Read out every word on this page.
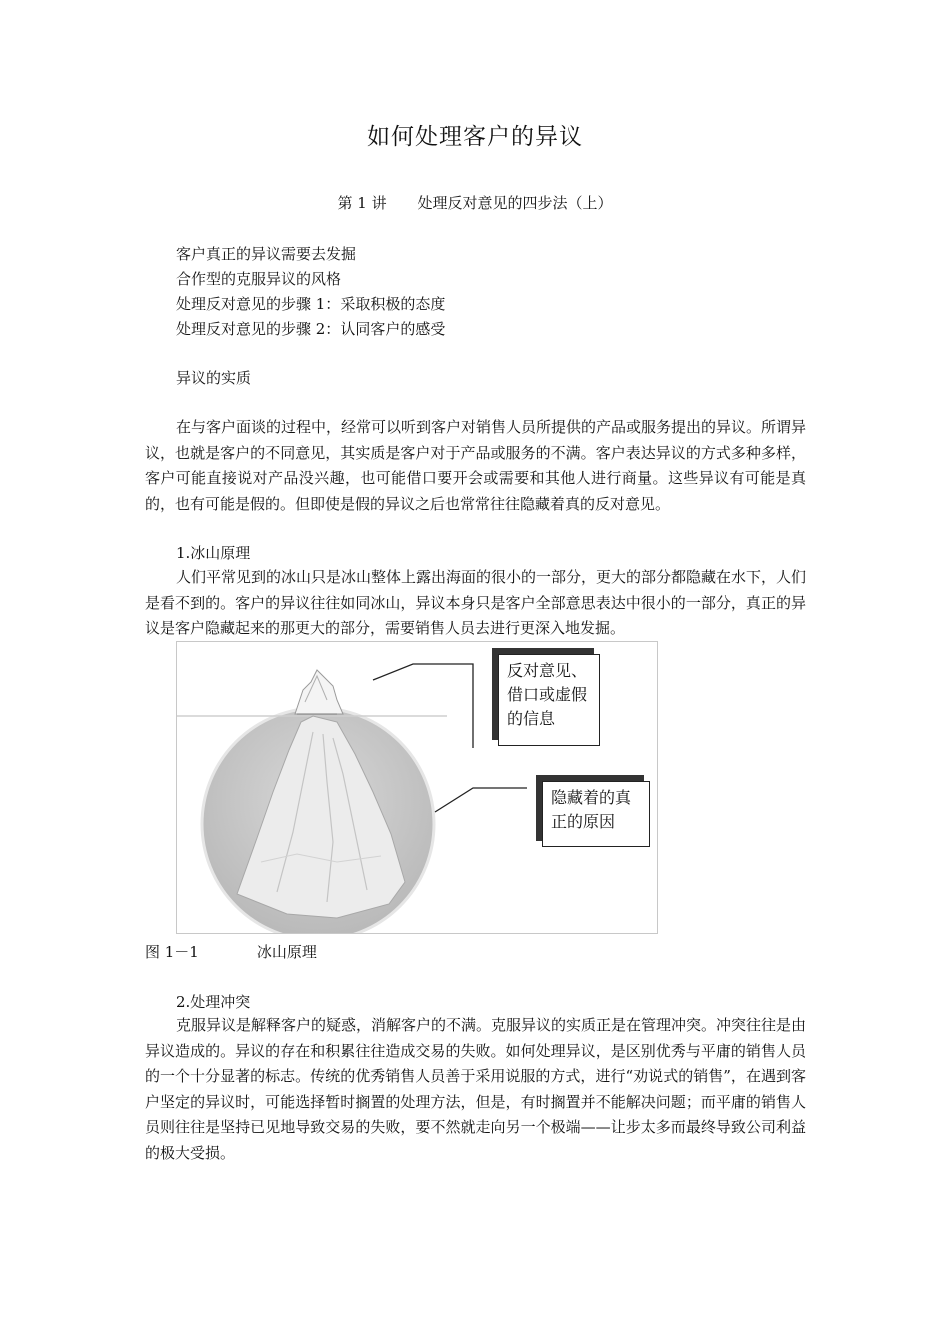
如何处理客户的异议
第 1 讲 处理反对意见的四步法（上）
客户真正的异议需要去发掘
合作型的克服异议的风格
处理反对意见的步骤 1：采取积极的态度
处理反对意见的步骤 2：认同客户的感受
异议的实质
在与客户面谈的过程中，经常可以听到客户对销售人员所提供的产品或服务提出的异议。所谓异议，也就是客户的不同意见，其实质是客户对于产品或服务的不满。客户表达异议的方式多种多样，客户可能直接说对产品没兴趣，也可能借口要开会或需要和其他人进行商量。这些异议有可能是真的，也有可能是假的。但即使是假的异议之后也常常往往隐藏着真的反对意见。
1.冰山原理
人们平常见到的冰山只是冰山整体上露出海面的很小的一部分，更大的部分都隐藏在水下，人们是看不到的。客户的异议往往如同冰山，异议本身只是客户全部意思表达中很小的一部分，真正的异议是客户隐藏起来的那更大的部分，需要销售人员去进行更深入地发掘。
反对意见、
借口或虚假
的信息
隐藏着的真
正的原因
图 1－1	冰山原理
2.处理冲突
克服异议是解释客户的疑惑，消解客户的不满。克服异议的实质正是在管理冲突。冲突往往是由异议造成的。异议的存在和积累往往造成交易的失败。如何处理异议，是区别优秀与平庸的销售人员的一个十分显著的标志。传统的优秀销售人员善于采用说服的方式，进行“劝说式的销售”，在遇到客户坚定的异议时，可能选择暂时搁置的处理方法，但是，有时搁置并不能解决问题；而平庸的销售人员则往往是坚持已见地导致交易的失败，要不然就走向另一个极端——让步太多而最终导致公司利益的极大受损。
